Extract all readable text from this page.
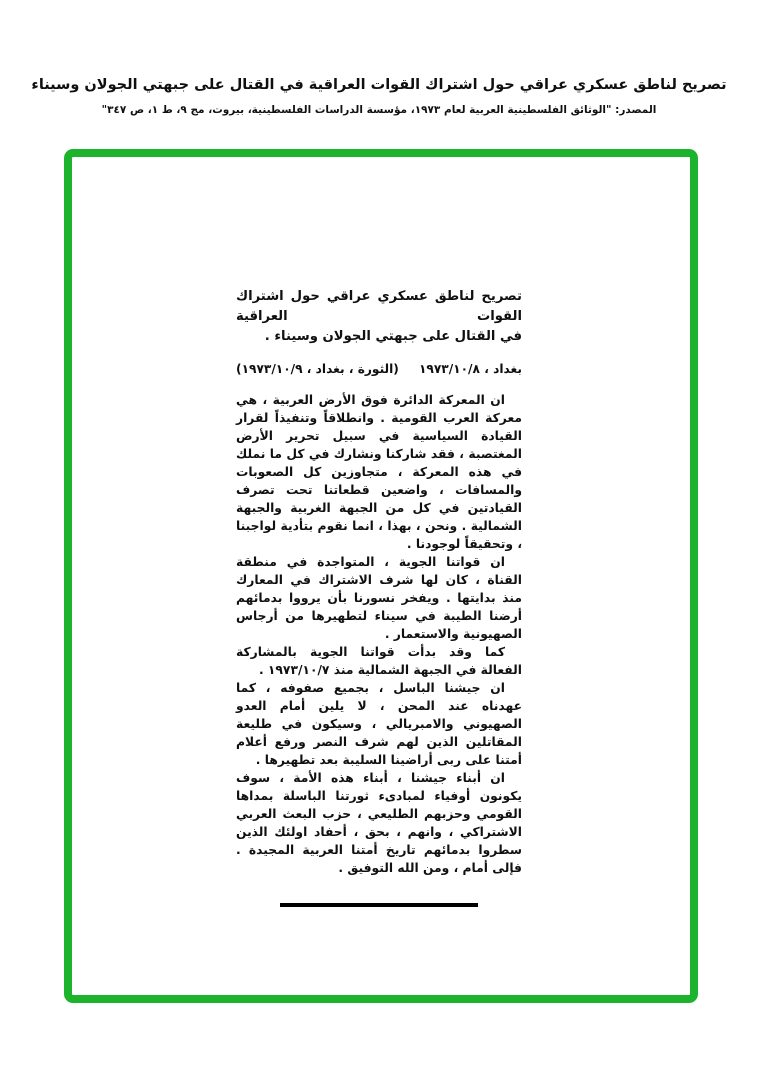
تصريح لناطق عسكري عراقي حول اشتراك القوات العراقية في القتال على جبهتي الجولان وسيناء
المصدر: "الوثائق الفلسطينية العربية لعام ١٩٧٣، مؤسسة الدراسات الفلسطينية، بيروت، مج ٩، ط ١، ص ٣٤٧"
تصريح لناطق عسكري عراقي حول اشتراك القوات العراقية
في القتال على جبهتي الجولان وسيناء .
بغداد ، ١٩٧٣/١٠/٨
(الثورة ، بغداد ، ١٩٧٣/١٠/٩)

ان المعركة الدائرة فوق الأرض العربية ، هي معركة العرب القومية . وانطلاقاً وتنفيذاً لقرار القيادة السياسية في سبيل تحرير الأرض المغتصبة ، فقد شاركنا ونشارك في كل ما نملك في هذه المعركة ، متجاوزين كل الصعوبات والمسافات ، واضعين قطعاتنا تحت تصرف القيادتين في كل من الجبهة الغربية والجبهة الشمالية . ونحن ، بهذا ، انما نقوم بتأدية لواجبنا ، وتحقيقاً لوجودنا .

ان قواتنا الجوية ، المتواجدة في منطقة القناة ، كان لها شرف الاشتراك في المعارك منذ بدايتها . ويفخر نسورنا بأن يرووا بدمائهم أرضنا الطيبة في سيناء لتطهيرها من أرجاس الصهيونية والاستعمار .

كما وقد بدأت قواتنا الجوية بالمشاركة الفعالة في الجبهة الشمالية منذ ١٩٧٣/١٠/٧ .

ان جيشنا الباسل ، بجميع صفوفه ، كما عهدناه عند المحن ، لا يلين أمام العدو الصهيوني والامبريالي ، وسيكون في طليعة المقاتلين الذين لهم شرف النصر ورفع أعلام أمتنا على ربى أراضينا السليبة بعد تطهيرها .

ان أبناء جيشنا ، أبناء هذه الأمة ، سوف يكونون أوفياء لمبادىء ثورتنا الباسلة بمداها القومي وحزبهم الطليعي ، حزب البعث العربي الاشتراكي ، وانهم ، بحق ، أحفاد اولئك الذين سطروا بدمائهم تاريخ أمتنا العربية المجيدة . فإلى أمام ، ومن الله التوفيق .
